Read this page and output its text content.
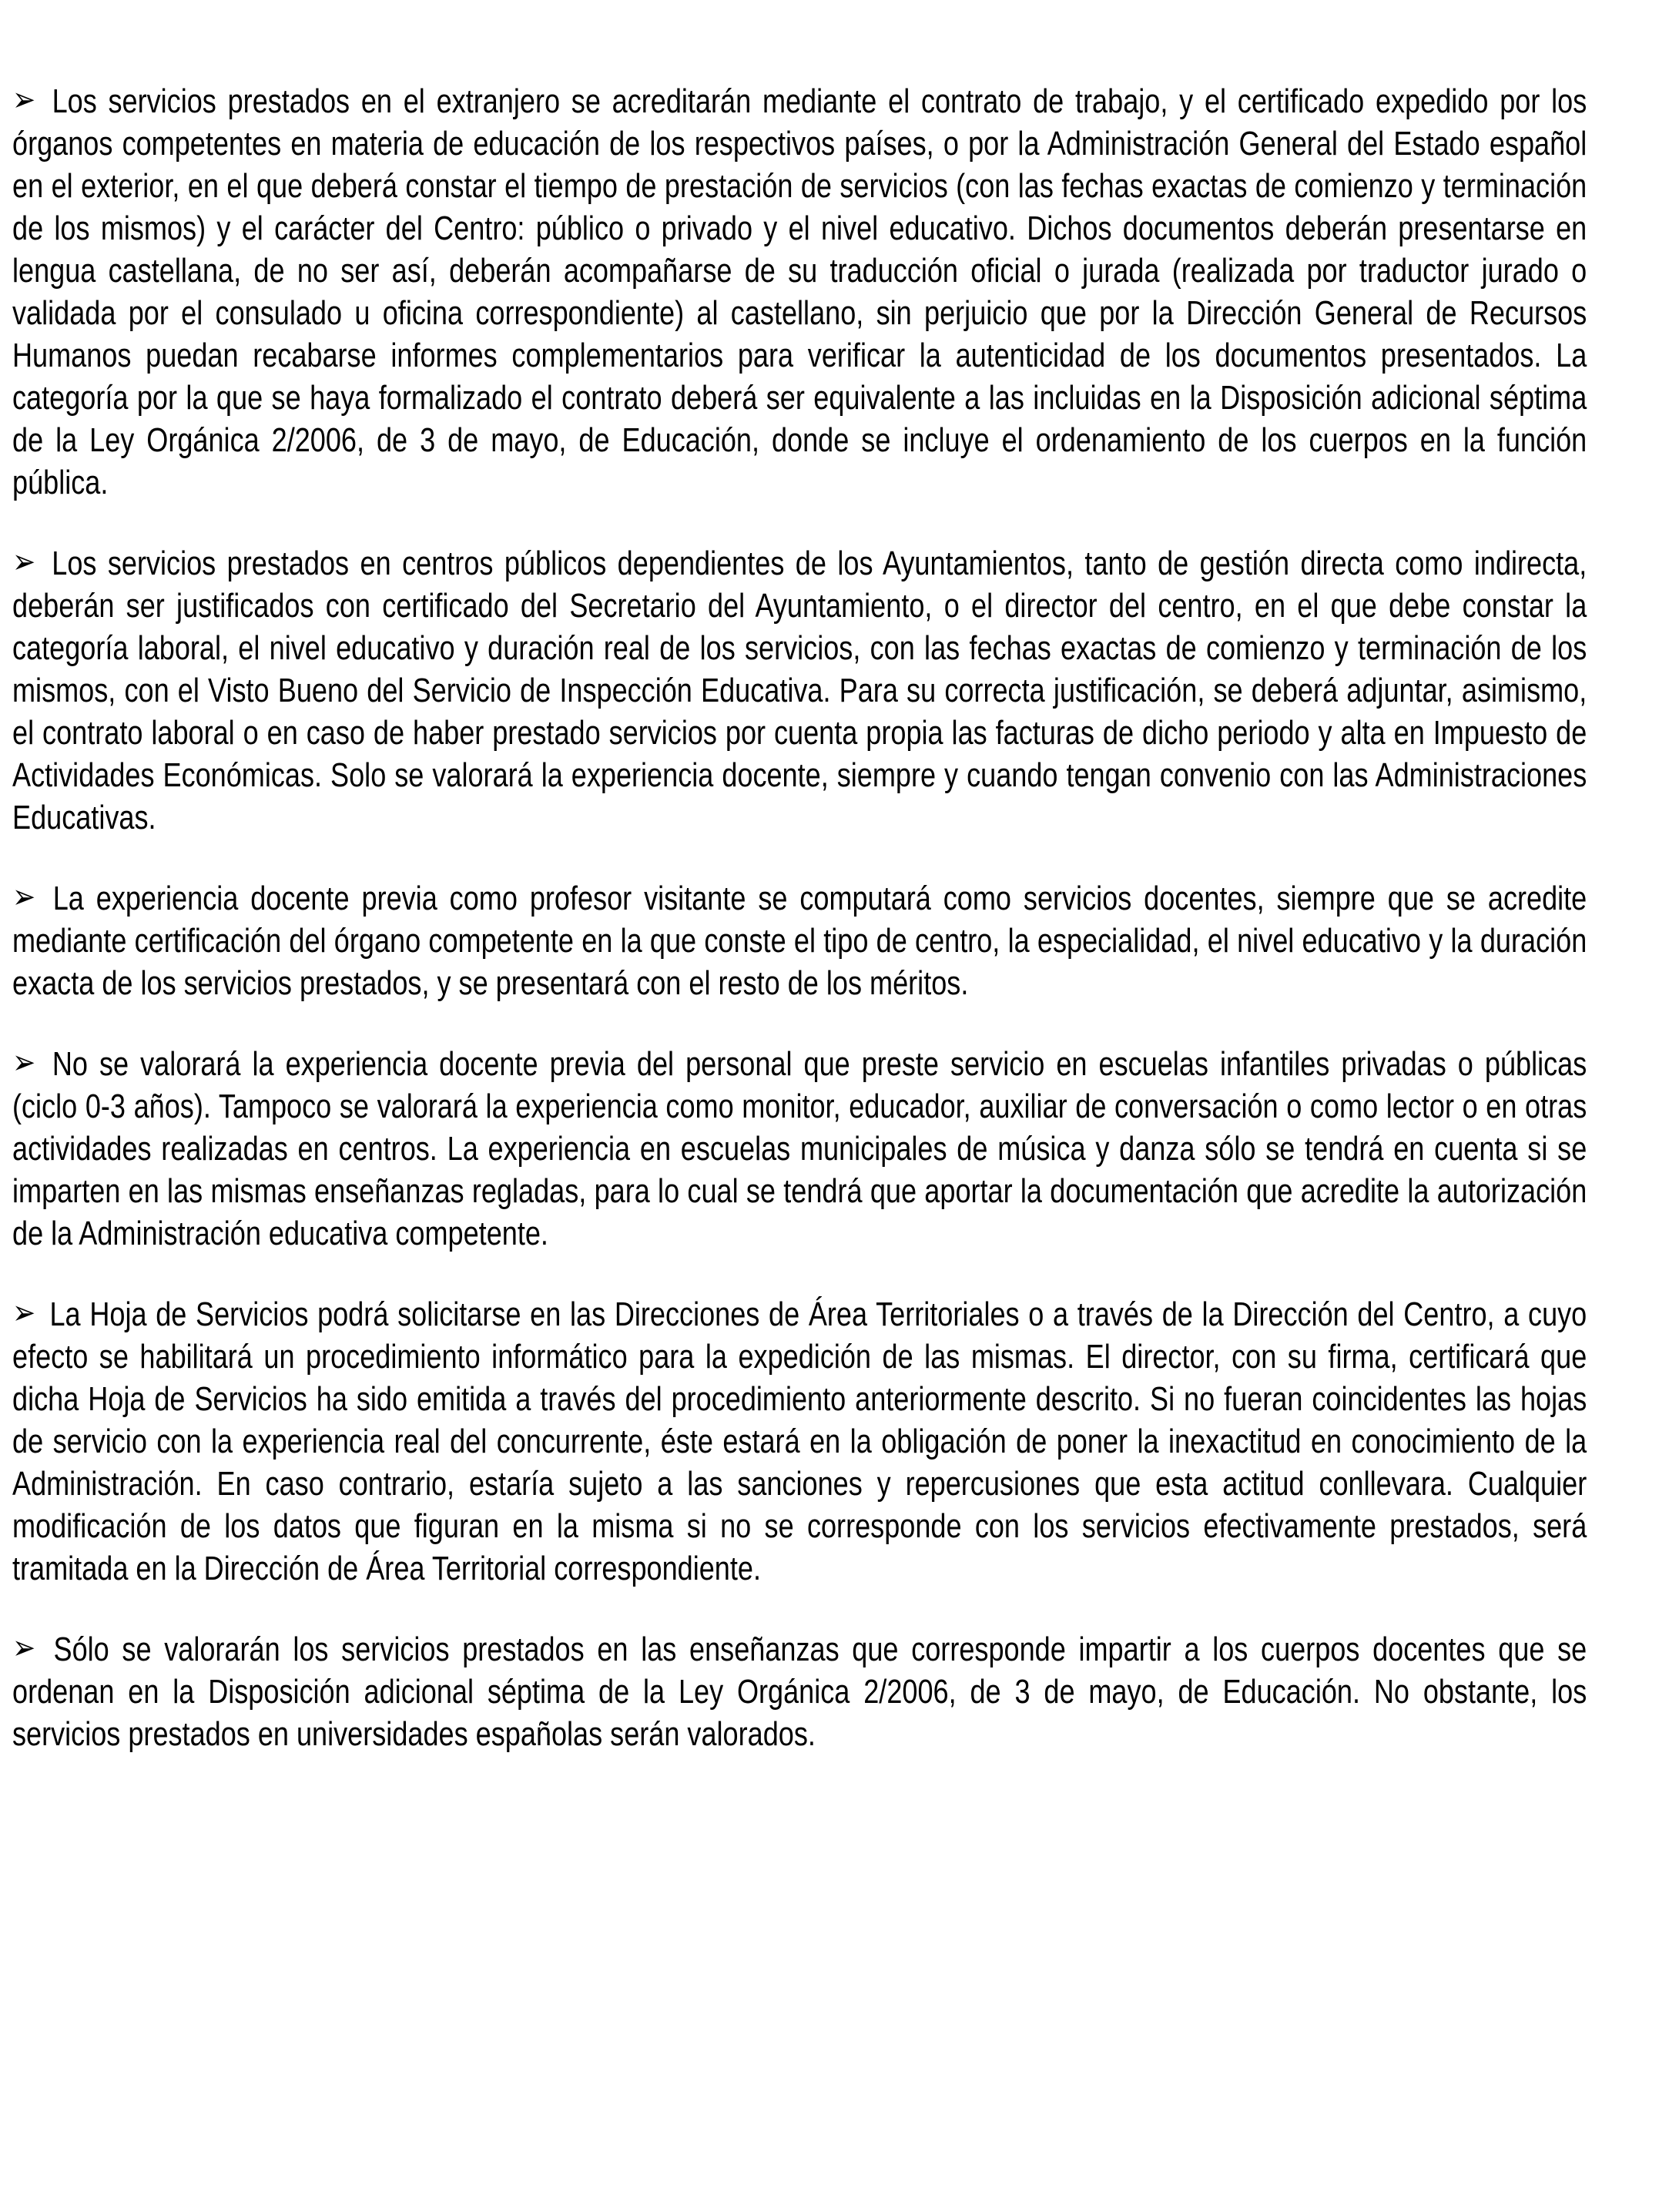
➢ Los servicios prestados en el extranjero se acreditarán mediante el contrato de trabajo, y el certificado expedido por los órganos competentes en materia de educación de los respectivos países, o por la Administración General del Estado español en el exterior, en el que deberá constar el tiempo de prestación de servicios (con las fechas exactas de comienzo y terminación de los mismos) y el carácter del Centro: público o privado y el nivel educativo. Dichos documentos deberán presentarse en lengua castellana, de no ser así, deberán acompañarse de su traducción oficial o jurada (realizada por traductor jurado o validada por el consulado u oficina correspondiente) al castellano, sin perjuicio que por la Dirección General de Recursos Humanos puedan recabarse informes complementarios para verificar la autenticidad de los documentos presentados. La categoría por la que se haya formalizado el contrato deberá ser equivalente a las incluidas en la Disposición adicional séptima de la Ley Orgánica 2/2006, de 3 de mayo, de Educación, donde se incluye el ordenamiento de los cuerpos en la función pública.

➢ Los servicios prestados en centros públicos dependientes de los Ayuntamientos, tanto de gestión directa como indirecta, deberán ser justificados con certificado del Secretario del Ayuntamiento, o el director del centro, en el que debe constar la categoría laboral, el nivel educativo y duración real de los servicios, con las fechas exactas de comienzo y terminación de los mismos, con el Visto Bueno del Servicio de Inspección Educativa. Para su correcta justificación, se deberá adjuntar, asimismo, el contrato laboral o en caso de haber prestado servicios por cuenta propia las facturas de dicho periodo y alta en Impuesto de Actividades Económicas. Solo se valorará la experiencia docente, siempre y cuando tengan convenio con las Administraciones Educativas.

➢ La experiencia docente previa como profesor visitante se computará como servicios docentes, siempre que se acredite mediante certificación del órgano competente en la que conste el tipo de centro, la especialidad, el nivel educativo y la duración exacta de los servicios prestados, y se presentará con el resto de los méritos.

➢ No se valorará la experiencia docente previa del personal que preste servicio en escuelas infantiles privadas o públicas (ciclo 0-3 años). Tampoco se valorará la experiencia como monitor, educador, auxiliar de conversación o como lector o en otras actividades realizadas en centros. La experiencia en escuelas municipales de música y danza sólo se tendrá en cuenta si se imparten en las mismas enseñanzas regladas, para lo cual se tendrá que aportar la documentación que acredite la autorización de la Administración educativa competente.

➢ La Hoja de Servicios podrá solicitarse en las Direcciones de Área Territoriales o a través de la Dirección del Centro, a cuyo efecto se habilitará un procedimiento informático para la expedición de las mismas. El director, con su firma, certificará que dicha Hoja de Servicios ha sido emitida a través del procedimiento anteriormente descrito. Si no fueran coincidentes las hojas de servicio con la experiencia real del concurrente, éste estará en la obligación de poner la inexactitud en conocimiento de la Administración. En caso contrario, estaría sujeto a las sanciones y repercusiones que esta actitud conllevara. Cualquier modificación de los datos que figuran en la misma si no se corresponde con los servicios efectivamente prestados, será tramitada en la Dirección de Área Territorial correspondiente.

➢ Sólo se valorarán los servicios prestados en las enseñanzas que corresponde impartir a los cuerpos docentes que se ordenan en la Disposición adicional séptima de la Ley Orgánica 2/2006, de 3 de mayo, de Educación. No obstante, los servicios prestados en universidades españolas serán valorados.
